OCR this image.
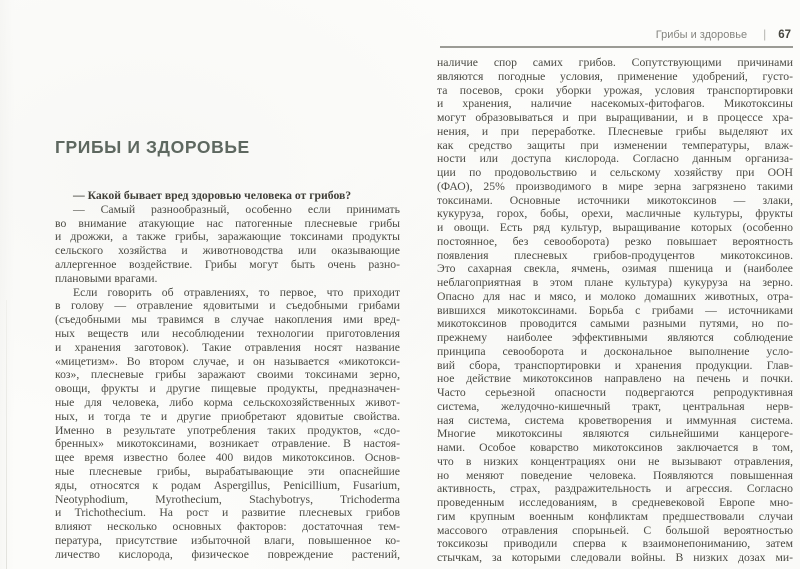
ГРИБЫ И ЗДОРОВЬЕ
— Какой бывает вред здоровью человека от грибов?
— Самый разнообразный, особенно если принимать
во внимание атакующие нас патогенные плесневые грибы
и дрожжи, а также грибы, заражающие токсинами продукты
сельского хозяйства и животноводства или оказывающие
аллергенное воздействие. Грибы могут быть очень разно-
плановыми врагами.
Если говорить об отравлениях, то первое, что приходит
в голову — отравление ядовитыми и съедобными грибами
(съедобными мы травимся в случае накопления ими вред-
ных веществ или несоблюдении технологии приготовления
и хранения заготовок). Такие отравления носят название
«мицетизм». Во втором случае, и он называется «микотокси-
коз», плесневые грибы заражают своими токсинами зерно,
овощи, фрукты и другие пищевые продукты, предназначен-
ные для человека, либо корма сельскохозяйственных живот-
ных, и тогда те и другие приобретают ядовитые свойства.
Именно в результате употребления таких продуктов, «сдо-
бренных» микотоксинами, возникает отравление. В настоя-
щее время известно более 400 видов микотоксинов. Основ-
ные плесневые грибы, вырабатывающие эти опаснейшие
яды, относятся к родам Aspergillus, Penicillium, Fusarium,
Neotyphodium, Myrothecium, Stachybotrys, Trichoderma
и Trichothecium. На рост и развитие плесневых грибов
влияют несколько основных факторов: достаточная тем-
пература, присутствие избыточной влаги, повышенное ко-
личество кислорода, физическое повреждение растений,
Грибы и здоровье | 67
наличие спор самих грибов. Сопутствующими причинами
являются погодные условия, применение удобрений, густо-
та посевов, сроки уборки урожая, условия транспортировки
и хранения, наличие насекомых-фитофагов. Микотоксины
могут образовываться и при выращивании, и в процессе хра-
нения, и при переработке. Плесневые грибы выделяют их
как средство защиты при изменении температуры, влаж-
ности или доступа кислорода. Согласно данным организа-
ции по продовольствию и сельскому хозяйству при ООН
(ФАО), 25% производимого в мире зерна загрязнено такими
токсинами. Основные источники микотоксинов — злаки,
кукуруза, горох, бобы, орехи, масличные культуры, фрукты
и овощи. Есть ряд культур, выращивание которых (особенно
постоянное, без севооборота) резко повышает вероятность
появления плесневых грибов-продуцентов микотоксинов.
Это сахарная свекла, ячмень, озимая пшеница и (наиболее
неблагоприятная в этом плане культура) кукуруза на зерно.
Опасно для нас и мясо, и молоко домашних животных, отра-
вившихся микотоксинами. Борьба с грибами — источниками
микотоксинов проводится самыми разными путями, но по-
прежнему наиболее эффективными являются соблюдение
принципа севооборота и доскональное выполнение усло-
вий сбора, транспортировки и хранения продукции. Глав-
ное действие микотоксинов направлено на печень и почки.
Часто серьезной опасности подвергаются репродуктивная
система, желудочно-кишечный тракт, центральная нерв-
ная система, система кроветворения и иммунная система.
Многие микотоксины являются сильнейшими канцероге-
нами. Особое коварство микотоксинов заключается в том,
что в низких концентрациях они не вызывают отравления,
но меняют поведение человека. Появляются повышенная
активность, страх, раздражительность и агрессия. Согласно
проведенным исследованиям, в средневековой Европе мно-
гим крупным военным конфликтам предшествовали случаи
массового отравления спорыньей. С большой вероятностью
токсикозы приводили сперва к взаимонепониманию, затем
стычкам, за которыми следовали войны. В низких дозах ми-
